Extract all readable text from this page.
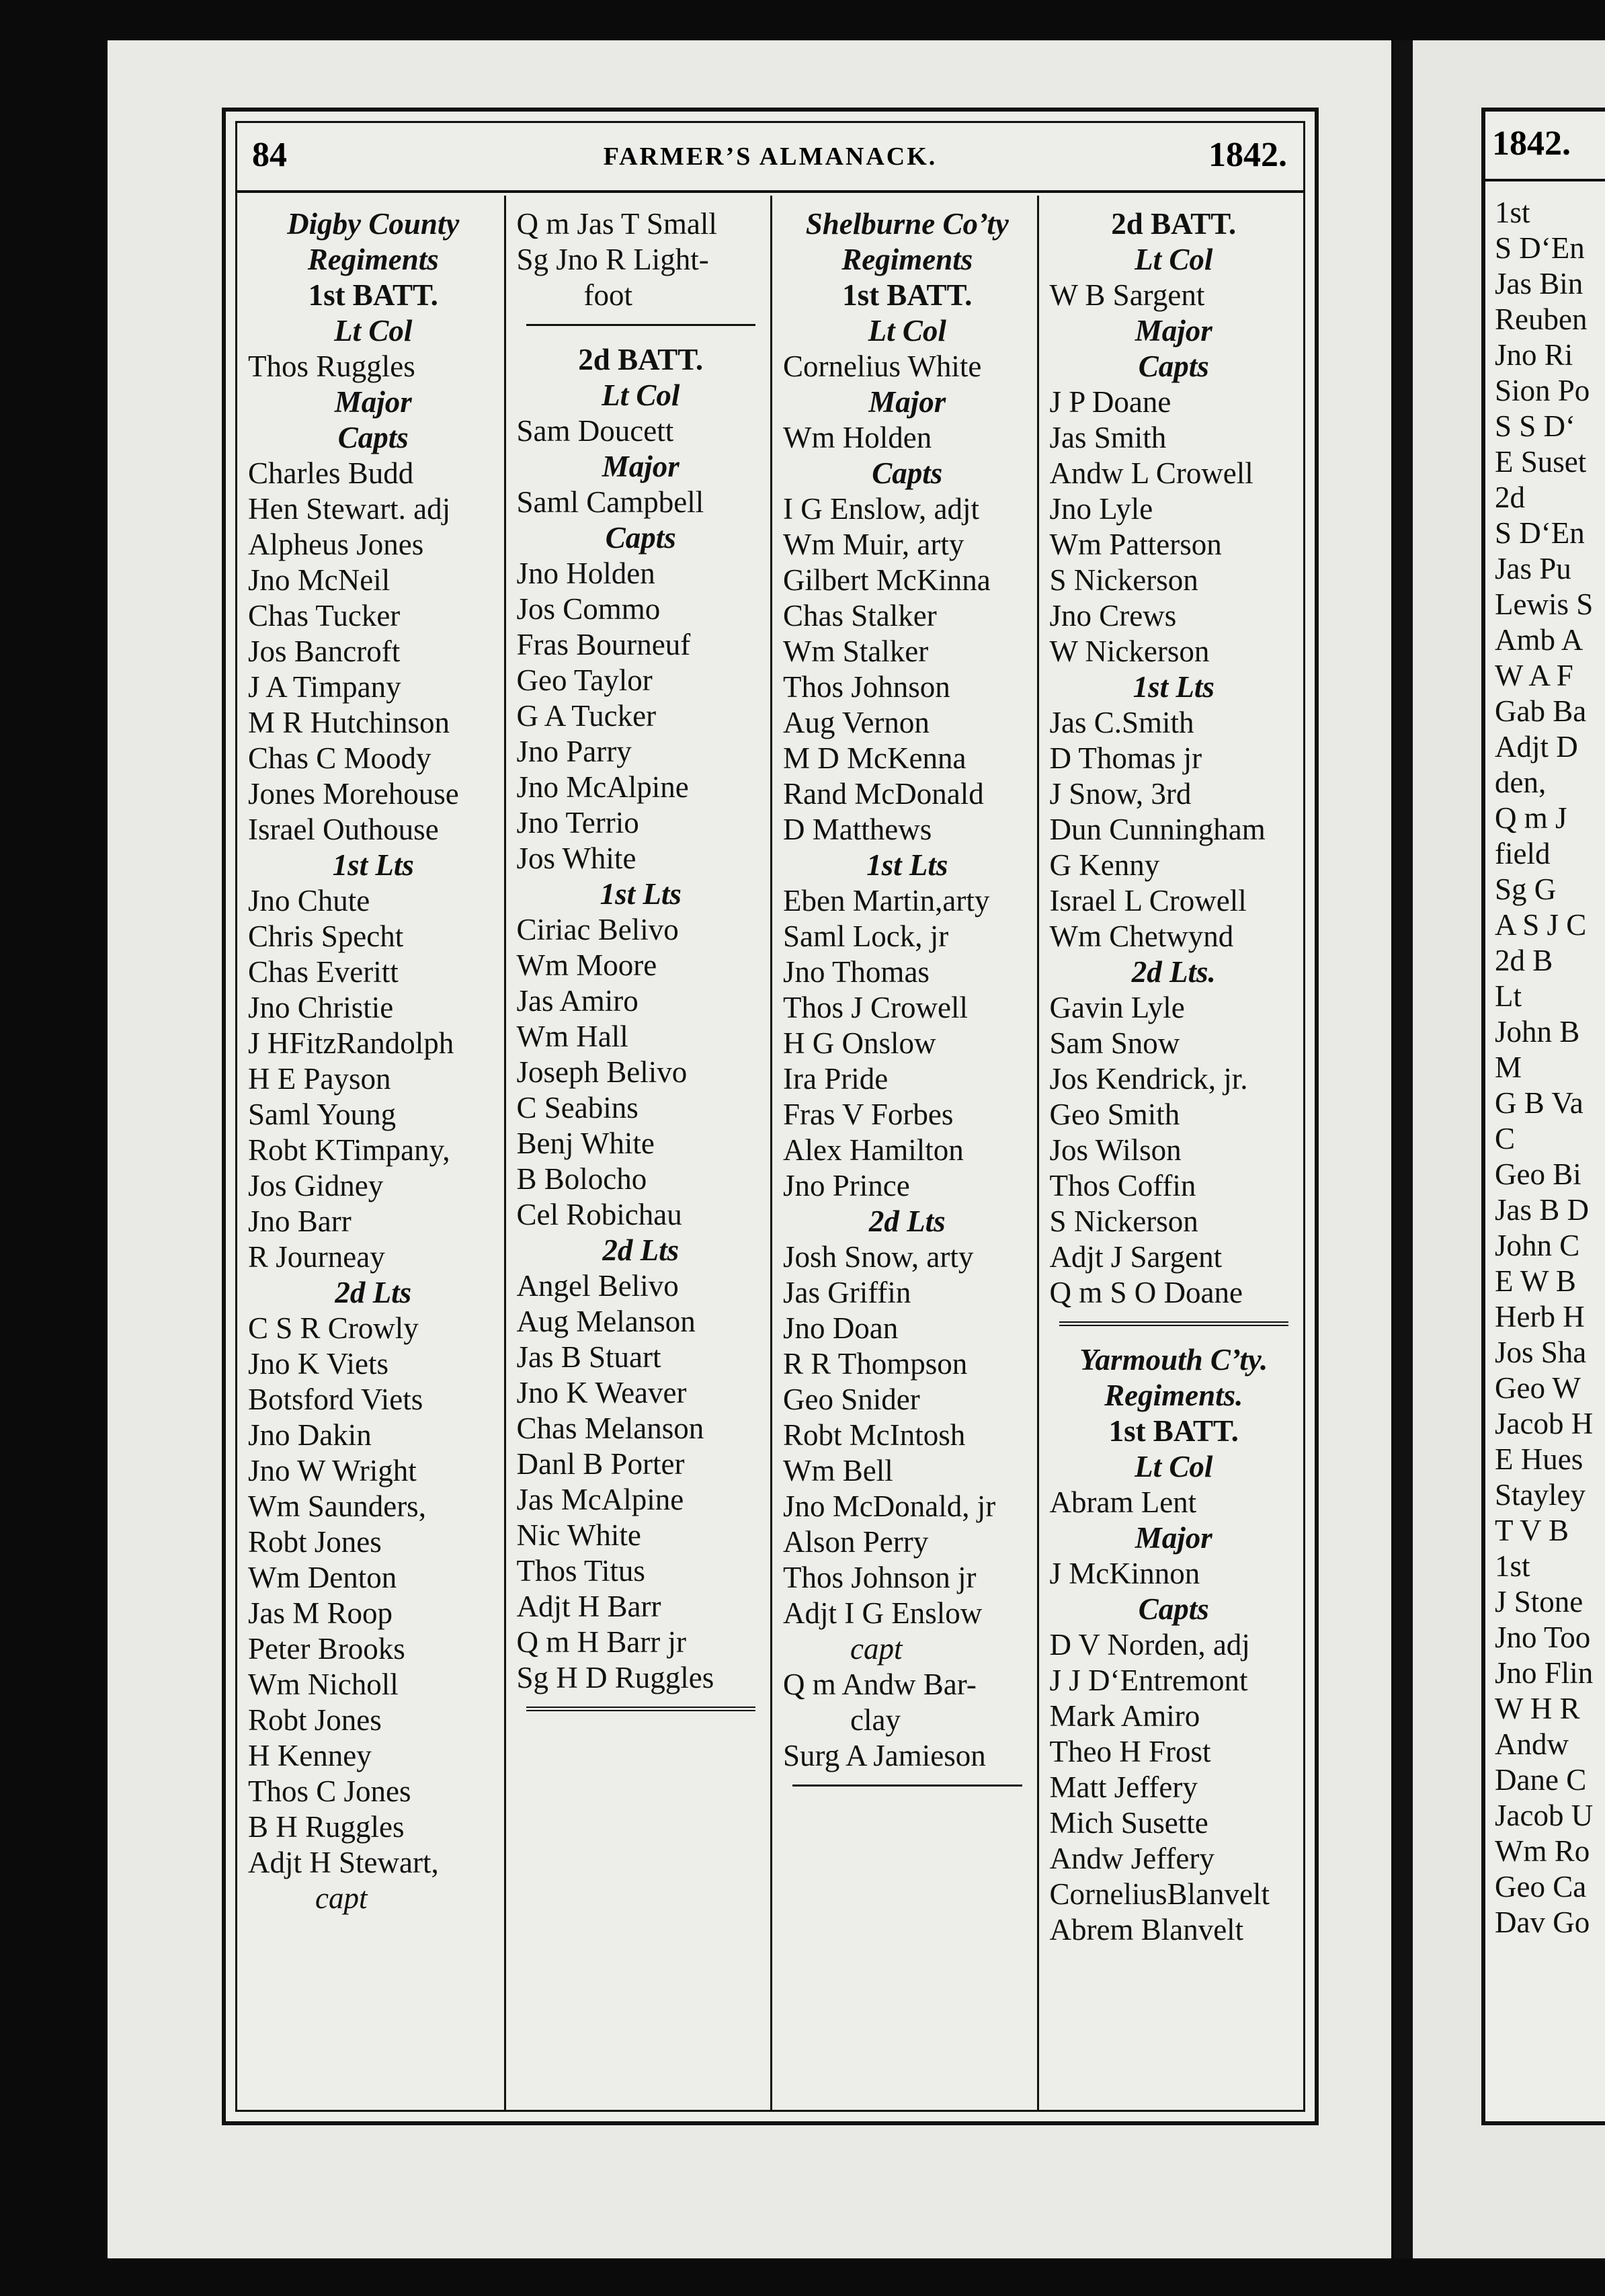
84	FARMER’S ALMANACK.	1842.
Digby County
Regiments
1st BATT.
Lt Col
Thos Ruggles
Major
Capts
Charles Budd
Hen Stewart. adj
Alpheus Jones
Jno McNeil
Chas Tucker
Jos Bancroft
J A Timpany
M R Hutchinson
Chas C Moody
Jones Morehouse
Israel Outhouse
1st Lts
Jno Chute
Chris Specht
Chas Everitt
Jno Christie
J HFitzRandolph
H E Payson
Saml Young
Robt KTimpany,
Jos Gidney
Jno Barr
R Journeay
2d Lts
C S R Crowly
Jno K Viets
Botsford Viets
Jno Dakin
Jno W Wright
Wm Saunders,
Robt Jones
Wm Denton
Jas M Roop
Peter Brooks
Wm Nicholl
Robt Jones
H Kenney
Thos C Jones
B H Ruggles
Adjt H Stewart,
capt
Q m Jas T Small
Sg Jno R Light-
foot
2d BATT.
Lt Col
Sam Doucett
Major
Saml Campbell
Capts
Jno Holden
Jos Commo
Fras Bourneuf
Geo Taylor
G A Tucker
Jno Parry
Jno McAlpine
Jno Terrio
Jos White
1st Lts
Ciriac Belivo
Wm Moore
Jas Amiro
Wm Hall
Joseph Belivo
C Seabins
Benj White
B Bolocho
Cel Robichau
2d Lts
Angel Belivo
Aug Melanson
Jas B Stuart
Jno K Weaver
Chas Melanson
Danl B Porter
Jas McAlpine
Nic White
Thos Titus
Adjt H Barr
Q m H Barr jr
Sg H D Ruggles
Shelburne Co’ty
Regiments
1st BATT.
Lt Col
Cornelius White
Major
Wm Holden
Capts
I G Enslow, adjt
Wm Muir, arty
Gilbert McKinna
Chas Stalker
Wm Stalker
Thos Johnson
Aug Vernon
M D McKenna
Rand McDonald
D Matthews
1st Lts
Eben Martin,arty
Saml Lock, jr
Jno Thomas
Thos J Crowell
H G Onslow
Ira Pride
Fras V Forbes
Alex Hamilton
Jno Prince
2d Lts
Josh Snow, arty
Jas Griffin
Jno Doan
R R Thompson
Geo Snider
Robt McIntosh
Wm Bell
Jno McDonald, jr
Alson Perry
Thos Johnson jr
Adjt I G Enslow
capt
Q m Andw Bar-
clay
Surg A Jamieson
2d BATT.
Lt Col
W B Sargent
Major
Capts
J P Doane
Jas Smith
Andw L Crowell
Jno Lyle
Wm Patterson
S Nickerson
Jno Crews
W Nickerson
1st Lts
Jas C.Smith
D Thomas jr
J Snow, 3rd
Dun Cunningham
G Kenny
Israel L Crowell
Wm Chetwynd
2d Lts.
Gavin Lyle
Sam Snow
Jos Kendrick, jr.
Geo Smith
Jos Wilson
Thos Coffin
S Nickerson
Adjt J Sargent
Q m S O Doane
Yarmouth C’ty.
Regiments.
1st BATT.
Lt Col
Abram Lent
Major
J McKinnon
Capts
D V Norden, adj
J J D‘Entremont
Mark Amiro
Theo H Frost
Matt Jeffery
Mich Susette
Andw Jeffery
CorneliusBlanvelt
Abrem Blanvelt
1842.
1st
S D‘En
Jas Bin
Reuben
Jno Ri
Sion Po
S S D‘
E Suset
2d
S D‘En
Jas Pu
Lewis S
Amb A
W A F
Gab Ba
Adjt D
den,
Q m J
field
Sg G
A S J C
2d B
Lt
John B
M
G B Va
C
Geo Bi
Jas B D
John C
E W B
Herb H
Jos Sha
Geo W
Jacob H
E Hues
Stayley
T V B
1st
J Stone
Jno Too
Jno Flin
W H R
Andw
Dane C
Jacob U
Wm Ro
Geo Ca
Dav Go
